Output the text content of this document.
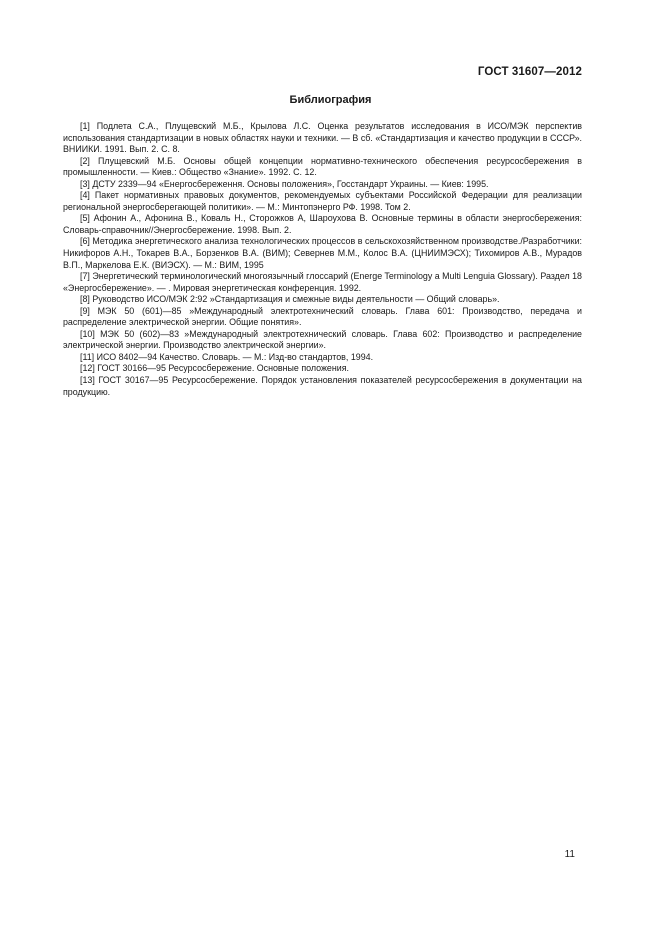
ГОСТ 31607—2012
Библиография

[1] Подлета С.А., Плущевский М.Б., Крылова Л.С. Оценка результатов исследования в ИСО/МЭК перспектив использования стандартизации в новых областях науки и техники. — В сб. «Стандартизация и качество продукции в СССР». ВНИИКИ. 1991. Вып. 2. С. 8.

[2] Плущевский М.Б. Основы общей концепции нормативно-технического обеспечения ресурсосбережения в промышленности. — Киев.: Общество «Знание». 1992. С. 12.

[3] ДСТУ 2339—94 «Енергосбереження. Основы положения», Госстандарт Украины. — Киев: 1995.

[4] Пакет нормативных правовых документов, рекомендуемых субъектами Российской Федерации для реализации региональной энергосберегающей политики». — М.: Минтопэнерго РФ. 1998. Том 2.

[5] Афонин А., Афонина В., Коваль Н., Сторожков А, Шароухова В. Основные термины в области энергосбережения: Словарь-справочник//Энергосбережение. 1998. Вып. 2.

[6] Методика энергетического анализа технологических процессов в сельскохозяйственном производстве./Разработчики: Никифоров А.Н., Токарев В.А., Борзенков В.А. (ВИМ); Севернев М.М., Колос В.А. (ЦНИИМЭСХ); Тихомиров А.В., Мурадов В.П., Маркелова Е.К. (ВИЭСХ). — М.: ВИМ, 1995

[7] Энергетический терминологический многоязычный глоссарий (Energe Terminology a Multi Lenguia Glossary). Раздел 18 «Энергосбережение». — . Мировая энергетическая конференция. 1992.

[8] Руководство ИСО/МЭК 2:92 »Стандартизация и смежные виды деятельности — Общий словарь».

[9] МЭК 50 (601)—85 »Международный электротехнический словарь. Глава 601: Производство, передача и распределение электрической энергии. Общие понятия».

[10] МЭК 50 (602)—83 »Международный электротехнический словарь. Глава 602: Производство и распределение электрической энергии. Производство электрической энергии».

[11] ИСО 8402—94 Качество. Словарь. — М.: Изд-во стандартов, 1994.

[12] ГОСТ 30166—95 Ресурсосбережение. Основные положения.

[13] ГОСТ 30167—95 Ресурсосбережение. Порядок установления показателей ресурсосбережения в документации на продукцию.

11
